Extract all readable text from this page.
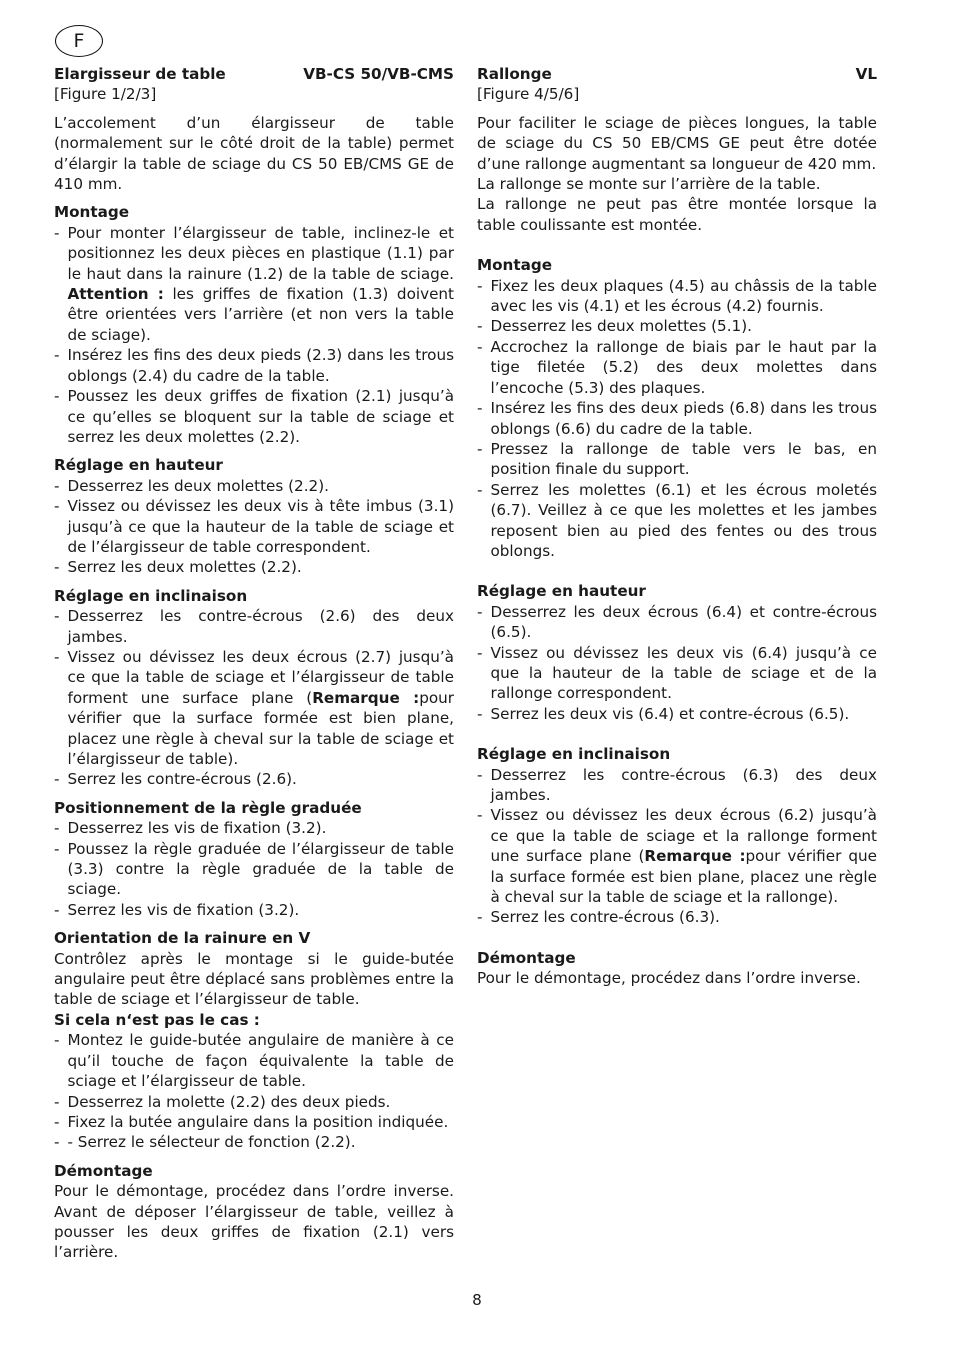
F
Elargisseur de table	VB-CS 50/VB-CMS

[Figure 1/2/3]

L’accolement d’un élargisseur de table (normalement sur le côté droit de la table) permet d’élargir la table de sciage du CS 50 EB/CMS GE de 410 mm.

Montage

- Pour monter l’élargisseur de table, inclinez-le et positionnez les deux pièces en plastique (1.1) par le haut dans la rainure (1.2) de la table de sciage. Attention : les griffes de fixation (1.3) doivent être orientées vers l’arrière (et non vers la table de sciage).
- Insérez les fins des deux pieds (2.3) dans les trous oblongs (2.4) du cadre de la table.
- Poussez les deux griffes de fixation (2.1) jusqu’à ce qu’elles se bloquent sur la table de sciage et serrez les deux molettes (2.2).

Réglage en hauteur

- Desserrez les deux molettes (2.2).
- Vissez ou dévissez les deux vis à tête imbus (3.1) jusqu’à ce que la hauteur de la table de sciage et de l’élargisseur de table correspondent.
- Serrez les deux molettes (2.2).

Réglage en inclinaison

- Desserrez les contre-écrous (2.6) des deux jambes.
- Vissez ou dévissez les deux écrous (2.7) jusqu’à ce que la table de sciage et l’élargisseur de table forment une surface plane (Remarque :pour vérifier que la surface formée est bien plane, placez une règle à cheval sur la table de sciage et l’élargisseur de table).
- Serrez les contre-écrous (2.6).

Positionnement de la règle graduée

- Desserrez les vis de fixation (3.2).
- Poussez la règle graduée de l’élargisseur de table (3.3) contre la règle graduée de la table de sciage.
- Serrez les vis de fixation (3.2).

Orientation de la rainure en V

Contrôlez après le montage si le guide-butée angulaire peut être déplacé sans problèmes entre la table de sciage et l’élargisseur de table.

Si cela n‘est pas le cas :

- Montez le guide-butée angulaire de manière à ce qu’il touche de façon équivalente la table de sciage et l’élargisseur de table.
- Desserrez la molette (2.2) des deux pieds.
- Fixez la butée angulaire dans la position indiquée.
- - Serrez le sélecteur de fonction (2.2).

Démontage

Pour le démontage, procédez dans l’ordre inverse. Avant de déposer l’élargisseur de table, veillez à pousser les deux griffes de fixation (2.1) vers l’arrière.

Rallonge	VL

[Figure 4/5/6]

Pour faciliter le sciage de pièces longues, la table de sciage du CS 50 EB/CMS GE peut être dotée d’une rallonge augmentant sa longueur de 420 mm.

La rallonge se monte sur l’arrière de la table.

La rallonge ne peut pas être montée lorsque la table coulissante est montée.

Montage

- Fixez les deux plaques (4.5) au châssis de la table avec les vis (4.1) et les écrous (4.2) fournis.
- Desserrez les deux molettes (5.1).
- Accrochez la rallonge de biais par le haut par la tige filetée (5.2) des deux molettes dans l’encoche (5.3) des plaques.
- Insérez les fins des deux pieds (6.8) dans les trous oblongs (6.6) du cadre de la table.
- Pressez la rallonge de table vers le bas, en position finale du support.
- Serrez les molettes (6.1) et les écrous moletés (6.7). Veillez à ce que les molettes et les jambes reposent bien au pied des fentes ou des trous oblongs.

Réglage en hauteur

- Desserrez les deux écrous (6.4) et contre-écrous (6.5).
- Vissez ou dévissez les deux vis (6.4) jusqu’à ce que la hauteur de la table de sciage et de la rallonge correspondent.
- Serrez les deux vis (6.4) et contre-écrous (6.5).

Réglage en inclinaison

- Desserrez les contre-écrous (6.3) des deux jambes.
- Vissez ou dévissez les deux écrous (6.2) jusqu’à ce que la table de sciage et la rallonge forment une surface plane (Remarque :pour vérifier que la surface formée est bien plane, placez une règle à cheval sur la table de sciage et la rallonge).
- Serrez les contre-écrous (6.3).

Démontage

Pour le démontage, procédez dans l’ordre inverse.

8
